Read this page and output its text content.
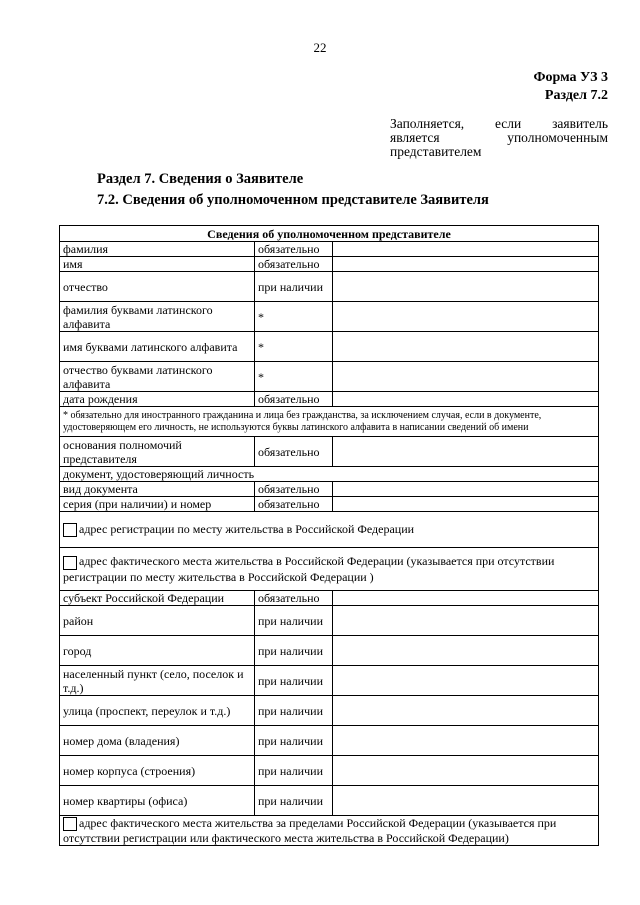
22
Форма УЗ 3
Раздел 7.2
Заполняется, если заявитель
является уполномоченным
представителем
Раздел 7. Сведения о Заявителе
7.2. Сведения об уполномоченном представителе Заявителя
Сведения об уполномоченном представителе		
фамилия	обязательно	
имя	обязательно	
отчество	при наличии	
фамилия буквами латинского алфавита	*	
имя буквами латинского алфавита	*	
отчество буквами латинского алфавита	*	
дата рождения	обязательно	
* обязательно для иностранного гражданина и лица без гражданства, за исключением случая, если в документе, удостоверяющем его личность, не используются буквы латинского алфавита в написании сведений об имени		
основания полномочий представителя	обязательно	
документ, удостоверяющий личность		
вид документа	обязательно	
серия (при наличии) и номер	обязательно	
адрес регистрации по месту жительства в Российской Федерации		
адрес фактического места жительства в Российской Федерации (указывается при отсутствии регистрации по месту жительства в Российской Федерации )		
субъект Российской Федерации	обязательно	
район	при наличии	
город	при наличии	
населенный пункт (село, поселок и т.д.)	при наличии	
улица (проспект, переулок и т.д.)	при наличии	
номер дома (владения)	при наличии	
номер корпуса (строения)	при наличии	
номер квартиры (офиса)	при наличии	
адрес фактического места жительства за пределами Российской Федерации (указывается при отсутствии регистрации или фактического места жительства в Российской Федерации)		
